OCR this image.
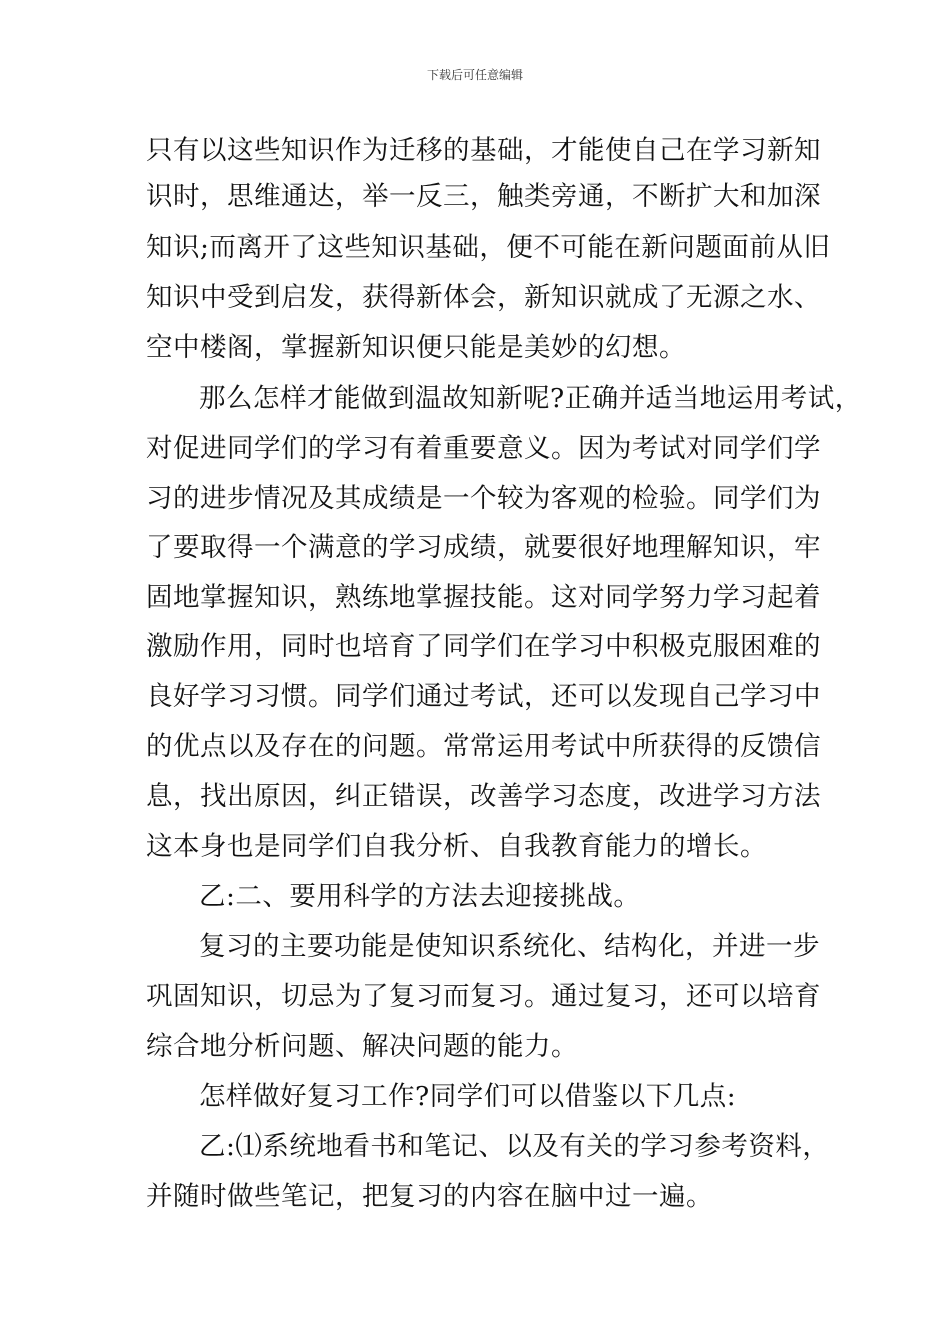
下载后可任意编辑
只有以这些知识作为迁移的基础，才能使自己在学习新知
识时，思维通达，举一反三，触类旁通，不断扩大和加深
知识;而离开了这些知识基础，便不可能在新问题面前从旧
知识中受到启发，获得新体会，新知识就成了无源之水、
空中楼阁，掌握新知识便只能是美妙的幻想。
那么怎样才能做到温故知新呢?正确并适当地运用考试，
对促进同学们的学习有着重要意义。因为考试对同学们学
习的进步情况及其成绩是一个较为客观的检验。同学们为
了要取得一个满意的学习成绩，就要很好地理解知识，牢
固地掌握知识，熟练地掌握技能。这对同学努力学习起着
激励作用，同时也培育了同学们在学习中积极克服困难的
良好学习习惯。同学们通过考试，还可以发现自己学习中
的优点以及存在的问题。常常运用考试中所获得的反馈信
息，找出原因，纠正错误，改善学习态度，改进学习方法
这本身也是同学们自我分析、自我教育能力的增长。
乙:二、要用科学的方法去迎接挑战。
复习的主要功能是使知识系统化、结构化，并进一步
巩固知识，切忌为了复习而复习。通过复习，还可以培育
综合地分析问题、解决问题的能力。
怎样做好复习工作?同学们可以借鉴以下几点:
乙:⑴系统地看书和笔记、以及有关的学习参考资料，
并随时做些笔记，把复习的内容在脑中过一遍。
